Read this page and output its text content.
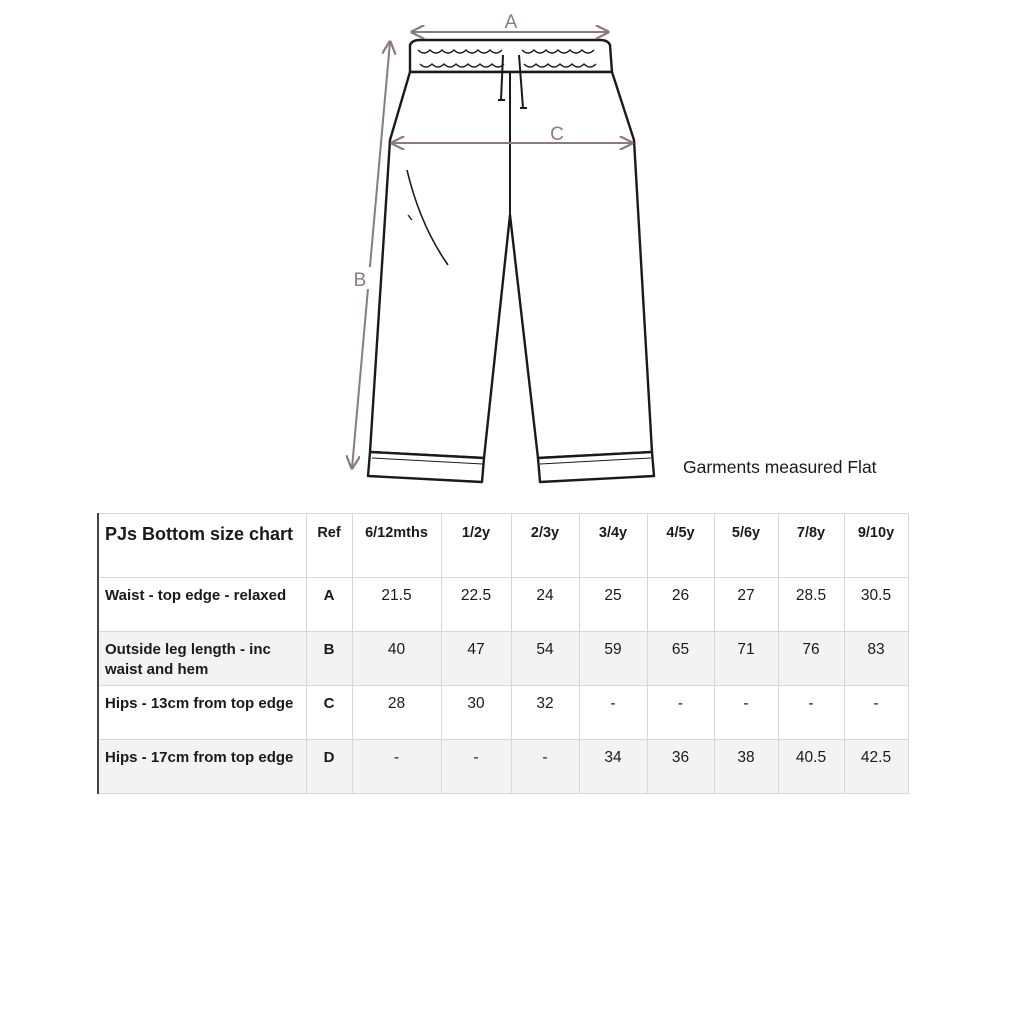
A
C
B
Garments measured Flat
PJs Bottom size chart	Ref	6/12mths	1/2y	2/3y	3/4y	4/5y	5/6y	7/8y	9/10y
Waist - top edge - relaxed	A	21.5	22.5	24	25	26	27	28.5	30.5
Outside leg length - inc waist and hem	B	40	47	54	59	65	71	76	83
Hips - 13cm from top edge	C	28	30	32	-	-	-	-	-
Hips - 17cm from top edge	D	-	-	-	34	36	38	40.5	42.5
